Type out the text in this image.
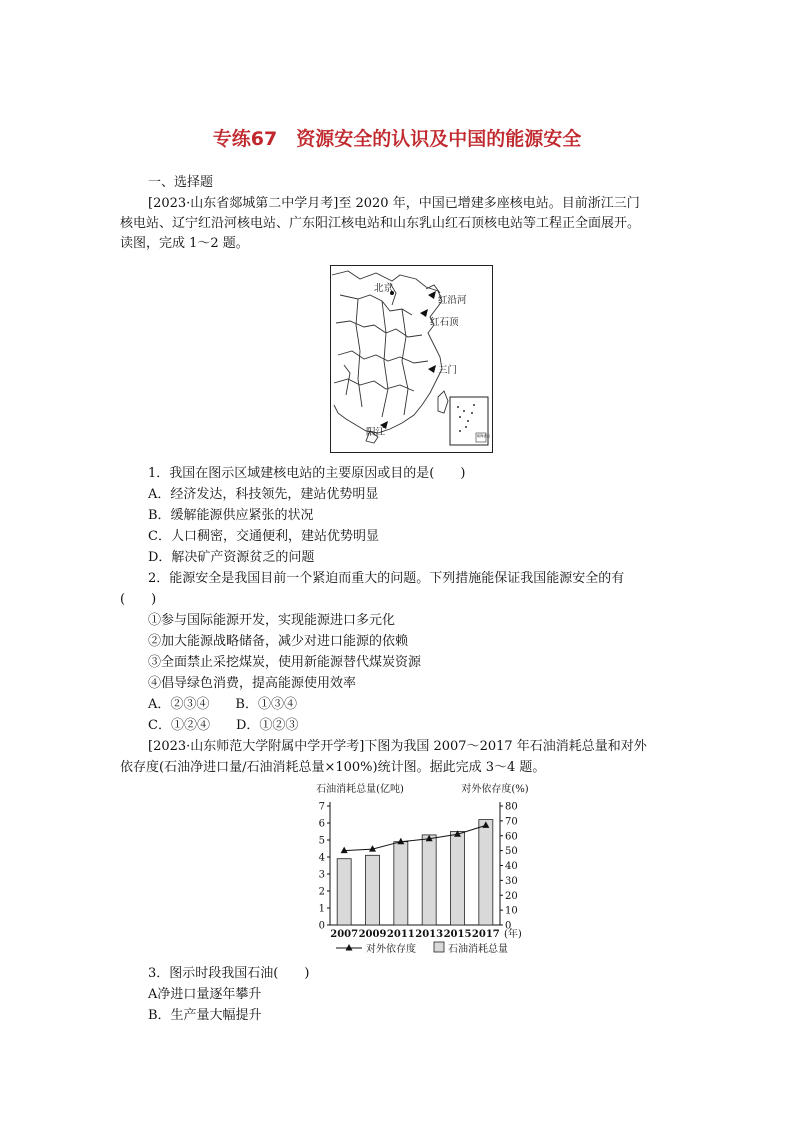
专练67　资源安全的认识及中国的能源安全
一、选择题
[2023·山东省郯城第二中学月考]至 2020 年，中国已增建多座核电站。目前浙江三门
核电站、辽宁红沿河核电站、广东阳江核电站和山东乳山红石顶核电站等工程正全面展开。
读图，完成 1～2 题。
北京
红沿河
红石顶
三门
阳江	南海诸岛
1．我国在图示区域建核电站的主要原因或目的是(　　)
A．经济发达，科技领先，建站优势明显
B．缓解能源供应紧张的状况
C．人口稠密，交通便利，建站优势明显
D．解决矿产资源贫乏的问题
2．能源安全是我国目前一个紧迫而重大的问题。下列措施能保证我国能源安全的有
(　　)
①参与国际能源开发，实现能源进口多元化
②加大能源战略储备，减少对进口能源的依赖
③全面禁止采挖煤炭，使用新能源替代煤炭资源
④倡导绿色消费，提高能源使用效率
A．②③④　　B．①③④
C．①②④　　D．①②③
[2023·山东师范大学附属中学开学考]下图为我国 2007～2017 年石油消耗总量和对外
依存度(石油净进口量/石油消耗总量×100%)统计图。据此完成 3～4 题。
石油消耗总量(亿吨)	对外依存度(%)
0
1
2
3
4
5
6
7
0
10
20
30
40
50
60
70
80
2007 2009 2011 2013 2015 2017 (年)
对外依存度	石油消耗总量
3．图示时段我国石油(　　)
A净进口量逐年攀升
B．生产量大幅提升
